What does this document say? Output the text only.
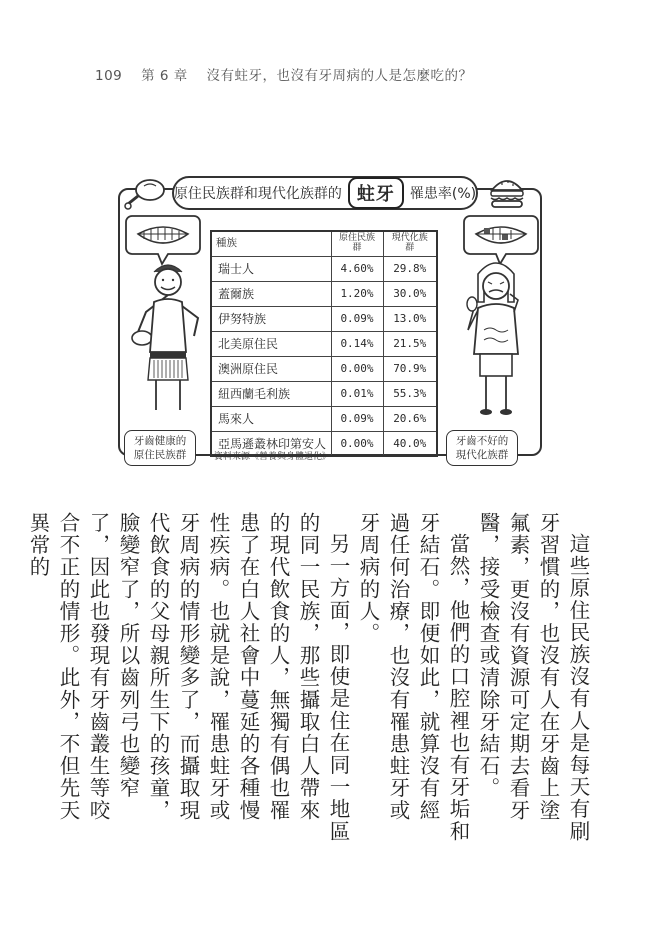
109 第 6 章 沒有蛀牙，也沒有牙周病的人是怎麼吃的？
原住民族群和現代化族群的 蛀牙	罹患率(%)
種族	原住民族群	現代化族群
瑞士人	4.60%	29.8%
蓋爾族	1.20%	30.0%
伊努特族	0.09%	13.0%
北美原住民	0.14%	21.5%
澳洲原住民	0.00%	70.9%
紐西蘭毛利族	0.01%	55.3%
馬來人	0.09%	20.6%
亞馬遜叢林印第安人	0.00%	40.0%
資料來源《營養與身體退化》
牙齒健康的原住民族群
牙齒不好的現代化族群

這些原住民族沒有人是每天有刷牙習慣的，也沒有人在牙齒上塗氟素，更沒有資源可定期去看牙醫，接受檢查或清除牙結石。

當然，他們的口腔裡也有牙垢和牙結石。即便如此，就算沒有經過任何治療，也沒有罹患蛀牙或牙周病的人。

另一方面，即使是住在同一地區的同一民族，那些攝取白人帶來的現代飲食的人，無獨有偶也罹患了在白人社會中蔓延的各種慢性疾病。也就是說，罹患蛀牙或牙周病的情形變多了，而攝取現代飲食的父母親所生下的孩童，臉變窄了，所以齒列弓也變窄了，因此也發現有牙齒叢生等咬合不正的情形。此外，不但先天異常的
